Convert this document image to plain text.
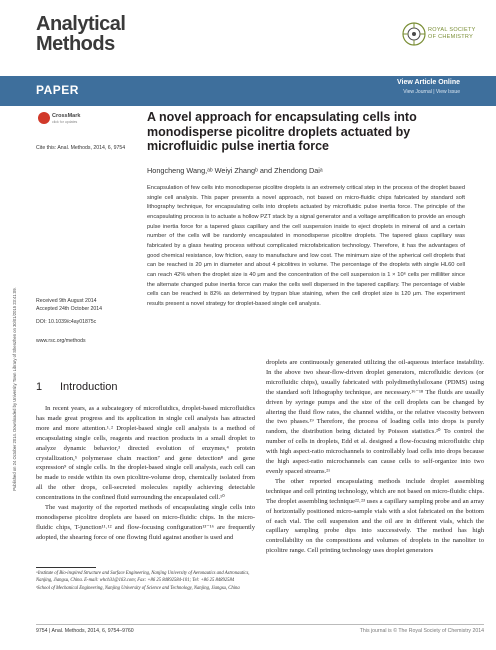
Analytical
Methods
ROYAL SOCIETY
OF CHEMISTRY
PAPER
View Article Online
View Journal | View Issue
Published on 24 October 2014. Downloaded by University Town Library of Shenzhen on 30/01/2015 23:41:09.
CrossMark
click for updates
Cite this: Anal. Methods, 2014, 6, 9754
A novel approach for encapsulating cells into monodisperse picolitre droplets actuated by microfluidic pulse inertia force
Hongcheng Wang,ᵃᵇ Weiyi Zhangᵇ and Zhendong Daiᵃ
Encapsulation of few cells into monodisperse picolitre droplets is an extremely critical step in the process of the droplet based single cell analysis. This paper presents a novel approach, not based on micro-fluidic chips fabricated by standard soft lithography technique, for encapsulating cells into droplets actuated by microfluidic pulse inertia force. The principle of the encapsulating process is to actuate a hollow PZT stack by a signal generator and a voltage amplification to provide an enough pulse inertia force for a tapered glass capillary and the cell suspension inside to eject droplets in mineral oil and a certain number of the cells will be randomly encapsulated in monodisperse picolitre droplets. The tapered glass capillary was fabricated by a glass heating process without complicated microfabrication technology. Therefore, it has the advantages of good chemical resistance, low friction, easy to manufacture and low cost. The minimum size of the spherical cell droplets that can be reached is 20 μm in diameter and about 4 picolitres in volume. The percentage of the droplets with single HL60 cell can reach 42% when the droplet size is 40 μm and the concentration of the cell suspension is 1 × 10⁶ cells per milliliter since the alternate changed pulse inertia force can make the cells well dispersed in the tapered capillary. The percentage of viable cells can be reached is 82% as determined by trypan blue staining, when the cell droplet size is 120 μm. The experiment results present a novel strategy for droplet-based single cell analysis.
Received 9th August 2014
Accepted 24th October 2014
DOI: 10.1039/c4ay01875c
www.rsc.org/methods
1 Introduction
In recent years, as a subcategory of microfluidics, droplet-based microfluidics has made great progress and its application in single cell analysis has attracted more and more attention.¹˒² Droplet-based single cell analysis is a method of encapsulating single cells, reagents and reaction products in a small droplet to analyze dynamic behavior,³ directed evolution of enzymes,⁴ protein crystallization,⁵ polymerase chain reaction⁷ and gene detection⁸ and gene expression⁹ of single cells. In the droplet-based single cell analysis, each cell can be made to reside within its own picolitre-volume drop, chemically isolated from all the other drops, cell-secreted molecules rapidly achieving detectable concentrations in the confined fluid surrounding the encapsulated cell.¹⁰
The vast majority of the reported methods of encapsulating single cells into monodisperse picolitre droplets are based on micro-fluidic chips. In the micro-fluidic chips, T-junction¹¹˒¹² and flow-focusing configuration¹³⁻¹⁶ are frequently adopted, the shearing force of one flowing fluid against another is used and
droplets are continuously generated utilizing the oil-aqueous interface instability. In the above two shear-flow-driven droplet generators, microfluidic devices (or microfluidic chips), usually fabricated with polydimethylsiloxane (PDMS) using the standard soft lithography technique, are necessary.¹⁶⁻¹⁸ The fluids are usually driven by syringe pumps and the size of the cell droplets can be changed by altering the fluid flow rates, the channel widths, or the relative viscosity between the two phases.¹⁹ Therefore, the process of loading cells into drops is purely random, the distribution being dictated by Poisson statistics.²⁰ To control the number of cells in droplets, Edd et al. designed a flow-focusing microfluidic chip with high aspect-ratio microchannels to controllably load cells into drops because the high aspect-ratio microchannels can cause cells to self-organize into two evenly spaced streams.²¹
The other reported encapsulating methods include droplet assembling technique and cell printing technology, which are not based on micro-fluidic chips. The droplet assembling technique²²˒²³ uses a capillary sampling probe and an array of horizontally positioned micro-sample vials with a slot fabricated on the bottom of each vial. The cell suspension and the oil are in different vials, which the capillary sampling probe dips into successively. The method has high controllability on the compositions and volumes of droplets in the nanoliter to picolitre range. Cell printing technology uses droplet generators
ᵃInstitute of Bio-inspired Structure and Surface Engineering, Nanjing University of Aeronautics and Astronautics, Nanjing, Jiangsu, China. E-mail: whch31@163.com; Fax: +86 25 84892584-101; Tel: +86 25 84892584
ᵇSchool of Mechanical Engineering, Nanjing University of Science and Technology, Nanjing, Jiangsu, China
9754 | Anal. Methods, 2014, 6, 9754–9760	This journal is © The Royal Society of Chemistry 2014
